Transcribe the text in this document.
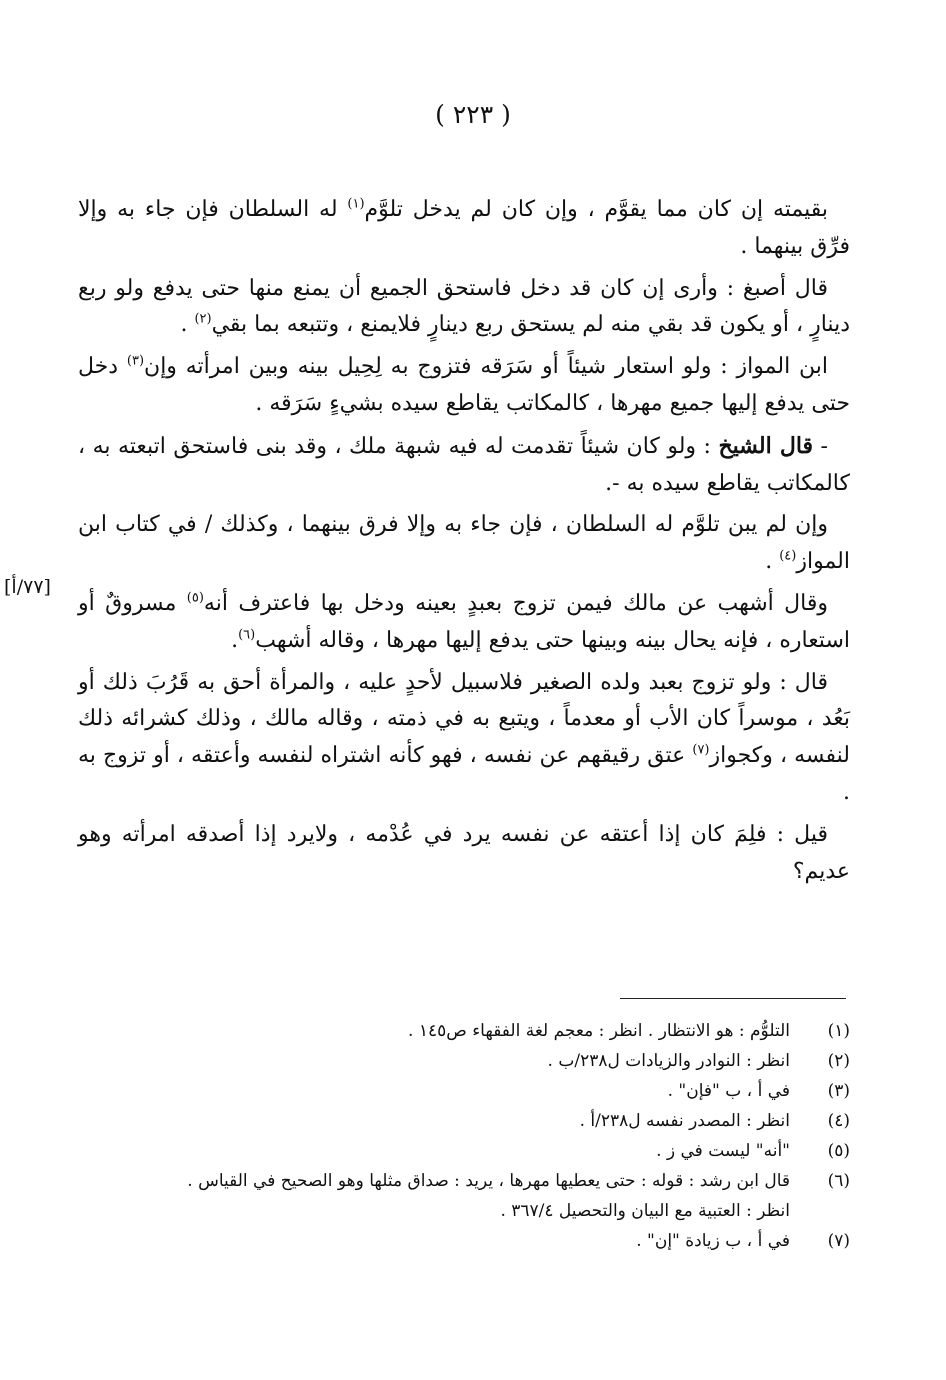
( ٢٢٣ )

بقيمته إن كان مما يقوَّم ، وإن كان لم يدخل تلوَّم$^{(١)}$ له السلطان فإن جاء به وإلا فرِّق بينهما .

قال أصبغ : وأرى إن كان قد دخل فاستحق الجميع أن يمنع منها حتى يدفع ولو ربع دينارٍ ، أو يكون قد بقي منه لم يستحق ربع دينارٍ فلايمنع ، وتتبعه بما بقي$^{(٢)}$ .

ابن المواز : ولو استعار شيئاً أو سَرَقه فتزوج به لِحِيل بينه وبين امرأته وإن$^{(٣)}$ دخل حتى يدفع إليها جميع مهرها ، كالمكاتب يقاطع سيده بشيءٍ سَرَقه .

- قال الشيخ : ولو كان شيئاً تقدمت له فيه شبهة ملك ، وقد بنى فاستحق اتبعته به ، كالمكاتب يقاطع سيده به -.

وإن لم يبن تلوَّم له السلطان ، فإن جاء به وإلا فرق بينهما ، وكذلك / في كتاب ابن المواز$^{(٤)}$ .

وقال أشهب عن مالك فيمن تزوج بعبدٍ بعينه ودخل بها فاعترف أنه$^{(٥)}$ مسروقٌ أو استعاره ، فإنه يحال بينه وبينها حتى يدفع إليها مهرها ، وقاله أشهب$^{(٦)}$.

قال : ولو تزوج بعبد ولده الصغير فلاسبيل لأحدٍ عليه ، والمرأة أحق به قَرُبَ ذلك أو بَعُد ، موسراً كان الأب أو معدماً ، ويتبع به في ذمته ، وقاله مالك ، وذلك كشرائه ذلك لنفسه ، وكجواز$^{(٧)}$ عتق رقيقهم عن نفسه ، فهو كأنه اشتراه لنفسه وأعتقه ، أو تزوج به .

قيل : فلِمَ كان إذا أعتقه عن نفسه يرد في عُدْمه ، ولايرد إذا أصدقه امرأته وهو عديم؟

[٧٧/أ]
(١)
التلوُّم : هو الانتظار . انظر : معجم لغة الفقهاء ص١٤٥ .
(٢)
انظر : النوادر والزيادات ل٢٣٨/ب .
(٣)
في أ ، ب "فإن" .
(٤)
انظر : المصدر نفسه ل٢٣٨/أ .
(٥)
"أنه" ليست في ز .
(٦)
قال ابن رشد : قوله : حتى يعطيها مهرها ، يريد : صداق مثلها وهو الصحيح في القياس .
انظر : العتبية مع البيان والتحصيل ٣٦٧/٤ .
(٧)
في أ ، ب زيادة "إن" .
